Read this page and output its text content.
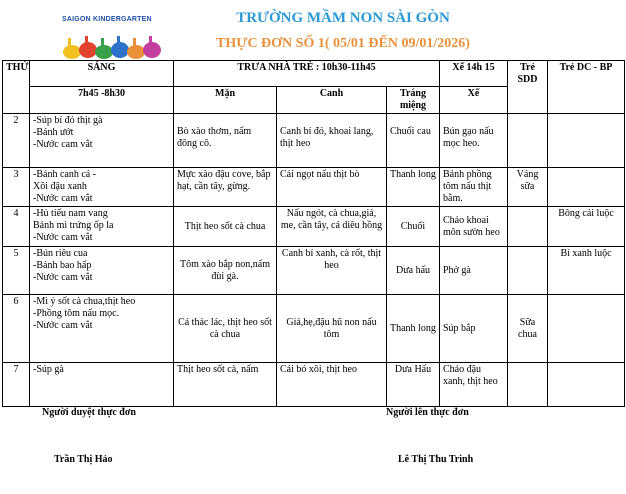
SAIGON KINDERGARTEN	TRƯỜNG MẦM NON SÀI GÒN
THỰC ĐƠN SỐ 1( 05/01 ĐẾN 09/01/2026)
THỨ	SÁNG	TRƯA NHÀ TRẺ : 10h30-11h45			Xế 14h 15	Trẻ SDD	Trẻ DC - BP
	7h45 -8h30	Mặn	Canh	Tráng miệng	Xế		
2	-Súp bí đỏ thịt gà
-Bánh ướt
-Nước cam vắt	Bò xào thơm, nấm đông cô.	Canh bí đỏ, khoai lang, thịt heo	Chuối cau	Bún gạo nấu mọc heo.		
3	-Bánh canh cá -
Xôi đậu xanh
-Nước cam vắt	Mực xào đậu cove, bắp hạt, cần tây, gừng.	Cải ngọt nấu thịt bò	Thanh long	Bánh phồng tôm nấu thịt bằm.	Váng sữa	
4	-Hủ tiếu nam vang
Bánh mì trứng ốp la
-Nước cam vắt	Thịt heo sốt cà chua	Nấu ngót, cà chua,giá, me, cần tây, cá diêu hồng	Chuối	Cháo khoai môn sườn heo		Bông cải luộc
5	-Bún riêu cua
-Bánh bao hấp
-Nước cam vắt	Tôm xào bắp non,nấm đùi gà.	Canh bí xanh, cà rốt, thịt heo	Dưa hấu	Phở gà		Bí xanh luộc
6	-Mì ý sốt cà chua,thịt heo
-Phồng tôm nấu mọc.
-Nước cam vắt	Cá thác lác, thịt heo sốt cà chua	Giá,hẹ,đậu hũ non nấu tôm	Thanh long	Súp bắp	Sữa chua	
7	-Súp gà	Thịt heo sốt cà, nấm	Cải bó xôi, thịt heo	Dưa Hấu	Cháo đậu xanh, thịt heo		
Người duyệt thực đơn
Trần Thị Hảo
Người lên thực đơn
Lê Thị Thu Trinh
